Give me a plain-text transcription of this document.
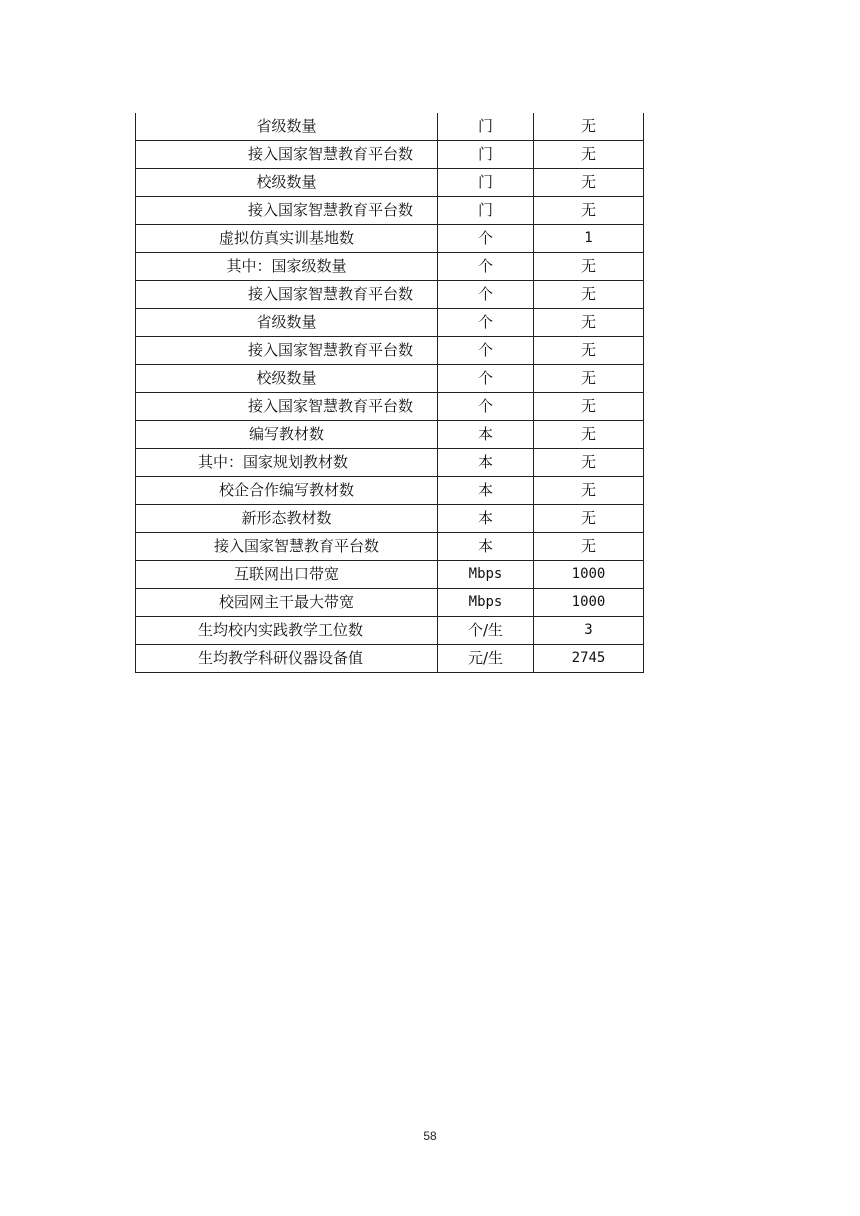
省级数量	门	无
接入国家智慧教育平台数	门	无
校级数量	门	无
接入国家智慧教育平台数	门	无
虚拟仿真实训基地数	个	1
其中：国家级数量	个	无
接入国家智慧教育平台数	个	无
省级数量	个	无
接入国家智慧教育平台数	个	无
校级数量	个	无
接入国家智慧教育平台数	个	无
编写教材数	本	无
其中：国家规划教材数	本	无
校企合作编写教材数	本	无
新形态教材数	本	无
接入国家智慧教育平台数	本	无
互联网出口带宽	Mbps	1000
校园网主干最大带宽	Mbps	1000
生均校内实践教学工位数	个/生	3
生均教学科研仪器设备值	元/生	2745
58
